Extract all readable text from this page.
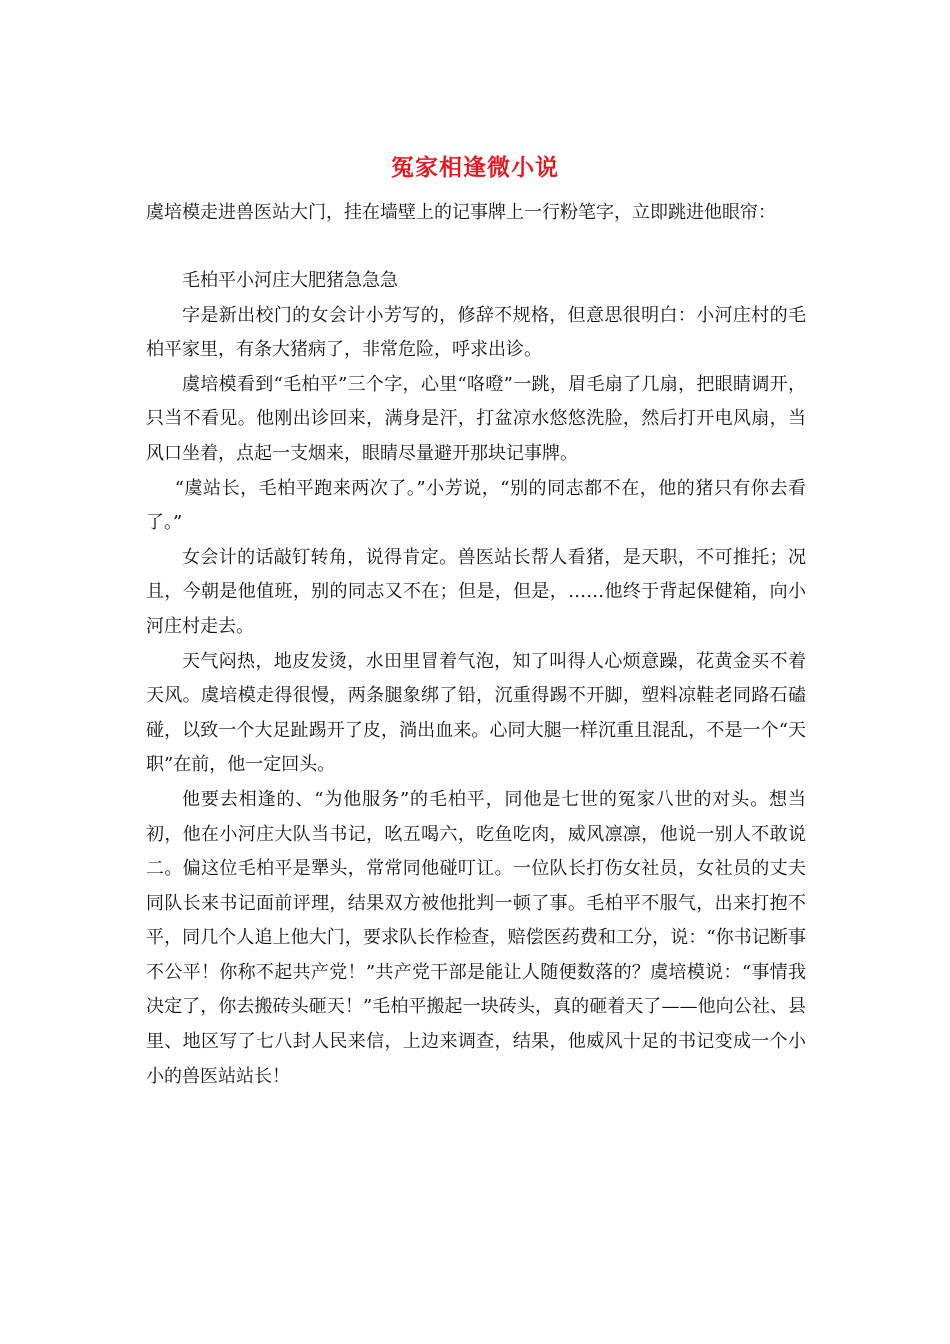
冤家相逢微小说
虞培模走进兽医站大门，挂在墙壁上的记事牌上一行粉笔字，立即跳进他眼帘：

毛柏平小河庄大肥猪急急急

字是新出校门的女会计小芳写的，修辞不规格，但意思很明白：小河庄村的毛柏平家里，有条大猪病了，非常危险，呼求出诊。

虞培模看到“毛柏平”三个字，心里“咯噔”一跳，眉毛扇了几扇，把眼睛调开，只当不看见。他刚出诊回来，满身是汗，打盆凉水悠悠洗脸，然后打开电风扇，当风口坐着，点起一支烟来，眼睛尽量避开那块记事牌。

“虞站长，毛柏平跑来两次了。”小芳说，“别的同志都不在，他的猪只有你去看了。”

女会计的话敲钉转角，说得肯定。兽医站长帮人看猪，是天职，不可推托；况且，今朝是他值班，别的同志又不在；但是，但是，……他终于背起保健箱，向小河庄村走去。

天气闷热，地皮发烫，水田里冒着气泡，知了叫得人心烦意躁，花黄金买不着天风。虞培模走得很慢，两条腿象绑了铅，沉重得踢不开脚，塑料凉鞋老同路石磕碰，以致一个大足趾踢开了皮，淌出血来。心同大腿一样沉重且混乱，不是一个“天职”在前，他一定回头。

他要去相逢的、“为他服务”的毛柏平，同他是七世的冤家八世的对头。想当初，他在小河庄大队当书记，吆五喝六，吃鱼吃肉，威风凛凛，他说一别人不敢说二。偏这位毛柏平是犟头，常常同他碰叮讧。一位队长打伤女社员，女社员的丈夫同队长来书记面前评理，结果双方被他批判一顿了事。毛柏平不服气，出来打抱不平，同几个人追上他大门，要求队长作检查，赔偿医药费和工分，说：“你书记断事不公平！你称不起共产党！”共产党干部是能让人随便数落的？虞培模说：“事情我决定了，你去搬砖头砸天！”毛柏平搬起一块砖头，真的砸着天了——他向公社、县里、地区写了七八封人民来信，上边来调查，结果，他威风十足的书记变成一个小小的兽医站站长！
